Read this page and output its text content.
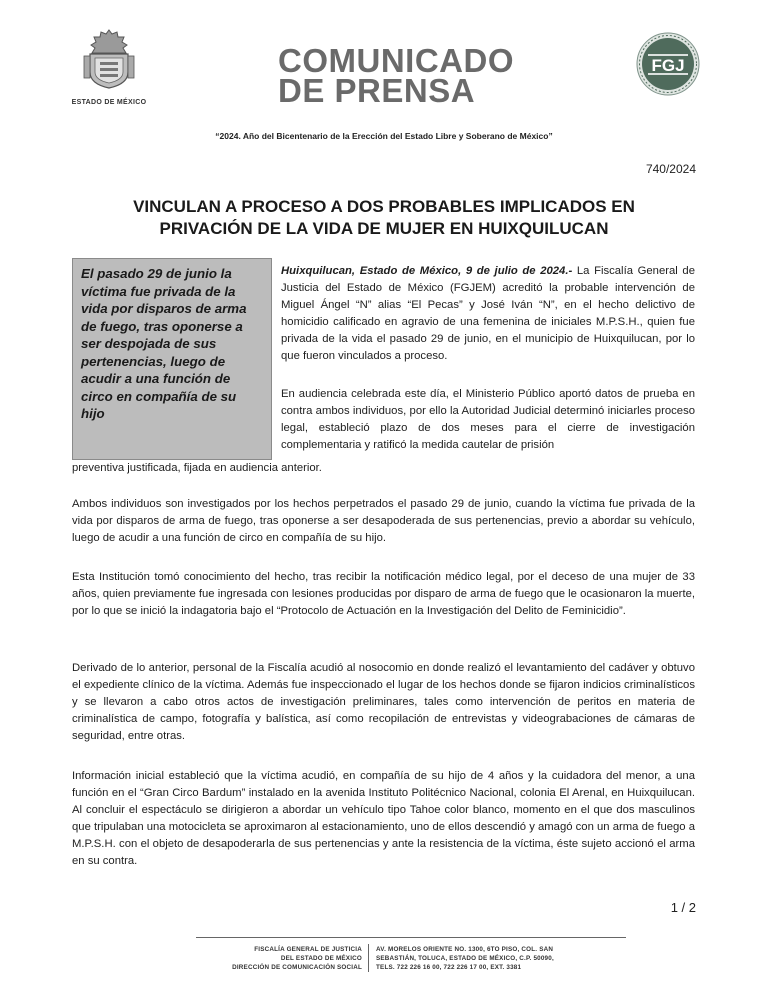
ESTADO DE MÉXICO
COMUNICADO
DE PRENSA
FGJ
“2024. Año del Bicentenario de la Erección del Estado Libre y Soberano de México”
740/2024
VINCULAN A PROCESO A DOS PROBABLES IMPLICADOS EN
PRIVACIÓN DE LA VIDA DE MUJER EN HUIXQUILUCAN

El pasado 29 de junio la víctima fue privada de la vida por disparos de arma de fuego, tras oponerse a ser despojada de sus pertenencias, luego de acudir a una función de circo en compañía de su hijo

Huixquilucan, Estado de México, 9 de julio de 2024.- La Fiscalía General de Justicia del Estado de México (FGJEM) acreditó la probable intervención de Miguel Ángel “N” alias “El Pecas” y José Iván “N”, en el hecho delictivo de homicidio calificado en agravio de una femenina de iniciales M.P.S.H., quien fue privada de la vida el pasado 29 de junio, en el municipio de Huixquilucan, por lo que fueron vinculados a proceso.

En audiencia celebrada este día, el Ministerio Público aportó datos de prueba en contra ambos individuos, por ello la Autoridad Judicial determinó iniciarles proceso legal, estableció plazo de dos meses para el cierre de investigación complementaria y ratificó la medida cautelar de prisión

preventiva justificada, fijada en audiencia anterior.

Ambos individuos son investigados por los hechos perpetrados el pasado 29 de junio, cuando la víctima fue privada de la vida por disparos de arma de fuego, tras oponerse a ser desapoderada de sus pertenencias, previo a abordar su vehículo, luego de acudir a una función de circo en compañía de su hijo.

Esta Institución tomó conocimiento del hecho, tras recibir la notificación médico legal, por el deceso de una mujer de 33 años, quien previamente fue ingresada con lesiones producidas por disparo de arma de fuego que le ocasionaron la muerte, por lo que se inició la indagatoria bajo el “Protocolo de Actuación en la Investigación del Delito de Feminicidio”.

Derivado de lo anterior, personal de la Fiscalía acudió al nosocomio en donde realizó el levantamiento del cadáver y obtuvo el expediente clínico de la víctima. Además fue inspeccionado el lugar de los hechos donde se fijaron indicios criminalísticos y se llevaron a cabo otros actos de investigación preliminares, tales como intervención de peritos en materia de criminalística de campo, fotografía y balística, así como recopilación de entrevistas y videograbaciones de cámaras de seguridad, entre otras.

Información inicial estableció que la víctima acudió, en compañía de su hijo de 4 años y la cuidadora del menor, a una función en el “Gran Circo Bardum” instalado en la avenida Instituto Politécnico Nacional, colonia El Arenal, en Huixquilucan. Al concluir el espectáculo se dirigieron a abordar un vehículo tipo Tahoe color blanco, momento en el que dos masculinos que tripulaban una motocicleta se aproximaron al estacionamiento, uno de ellos descendió y amagó con un arma de fuego a M.P.S.H. con el objeto de desapoderarla de sus pertenencias y ante la resistencia de la víctima, éste sujeto accionó el arma en su contra.

1 / 2
FISCALÍA GENERAL DE JUSTICIA
DEL ESTADO DE MÉXICO
DIRECCIÓN DE COMUNICACIÓN SOCIAL
AV. MORELOS ORIENTE NO. 1300, 6TO PISO, COL. SAN
SEBASTIÁN, TOLUCA, ESTADO DE MÉXICO, C.P. 50090,
TELS. 722 226 16 00, 722 226 17 00, EXT. 3381
